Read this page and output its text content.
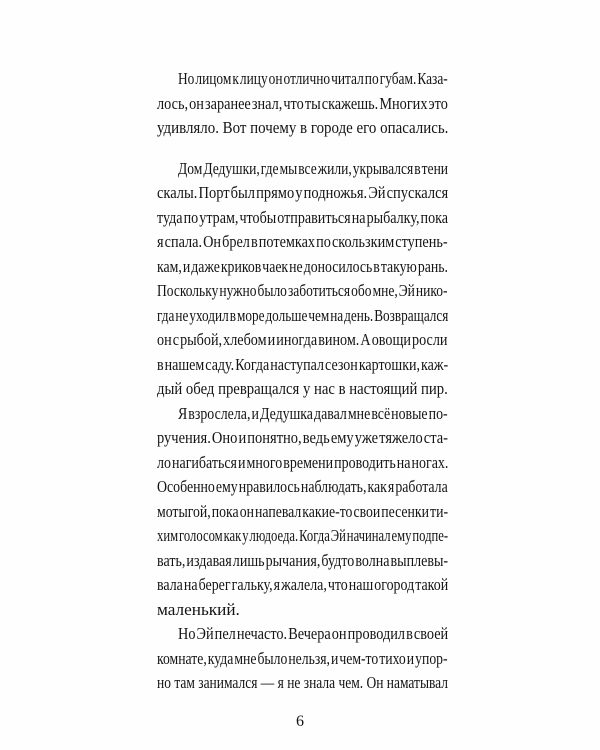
Но лицом к лицу он отлично читал по губам. Каза-

лось, он заранее знал, что ты скажешь. Многих это

удивляло. Вот почему в городе его опасались.

Дом Дедушки, где мы все жили, укрывался в тени

скалы. Порт был прямо у подножья. Эй спускался

туда по утрам, чтобы отправиться на рыбалку, пока

я спала. Он брел в потемках по скользким ступень-

кам, и даже криков чаек не доносилось в такую рань.

Поскольку нужно было заботиться обо мне, Эй нико-

гда не уходил в море дольше чем на день. Возвращался

он с рыбой, хлебом и иногда вином. А овощи росли

в нашем саду. Когда наступал сезон картошки, каж-

дый обед превращался у нас в настоящий пир.

Я взрослела, и Дедушка давал мне всё новые по-

ручения. Оно и понятно, ведь ему уже тяжело ста-

ло нагибаться и много времени проводить на ногах.

Особенно ему нравилось наблюдать, как я работала

мотыгой, пока он напевал какие-то свои песенки ти-

хим голосом как у людоеда. Когда Эй начинал ему подпе-

вать, издавая лишь рычания, будто волна выплевы-

вала на берег гальку, я жалела, что наш огород такой

маленький.

Но Эй пел нечасто. Вечера он проводил в своей

комнате, куда мне было нельзя, и чем-то тихо и упор-

но там занимался — я не знала чем. Он наматывал

6
